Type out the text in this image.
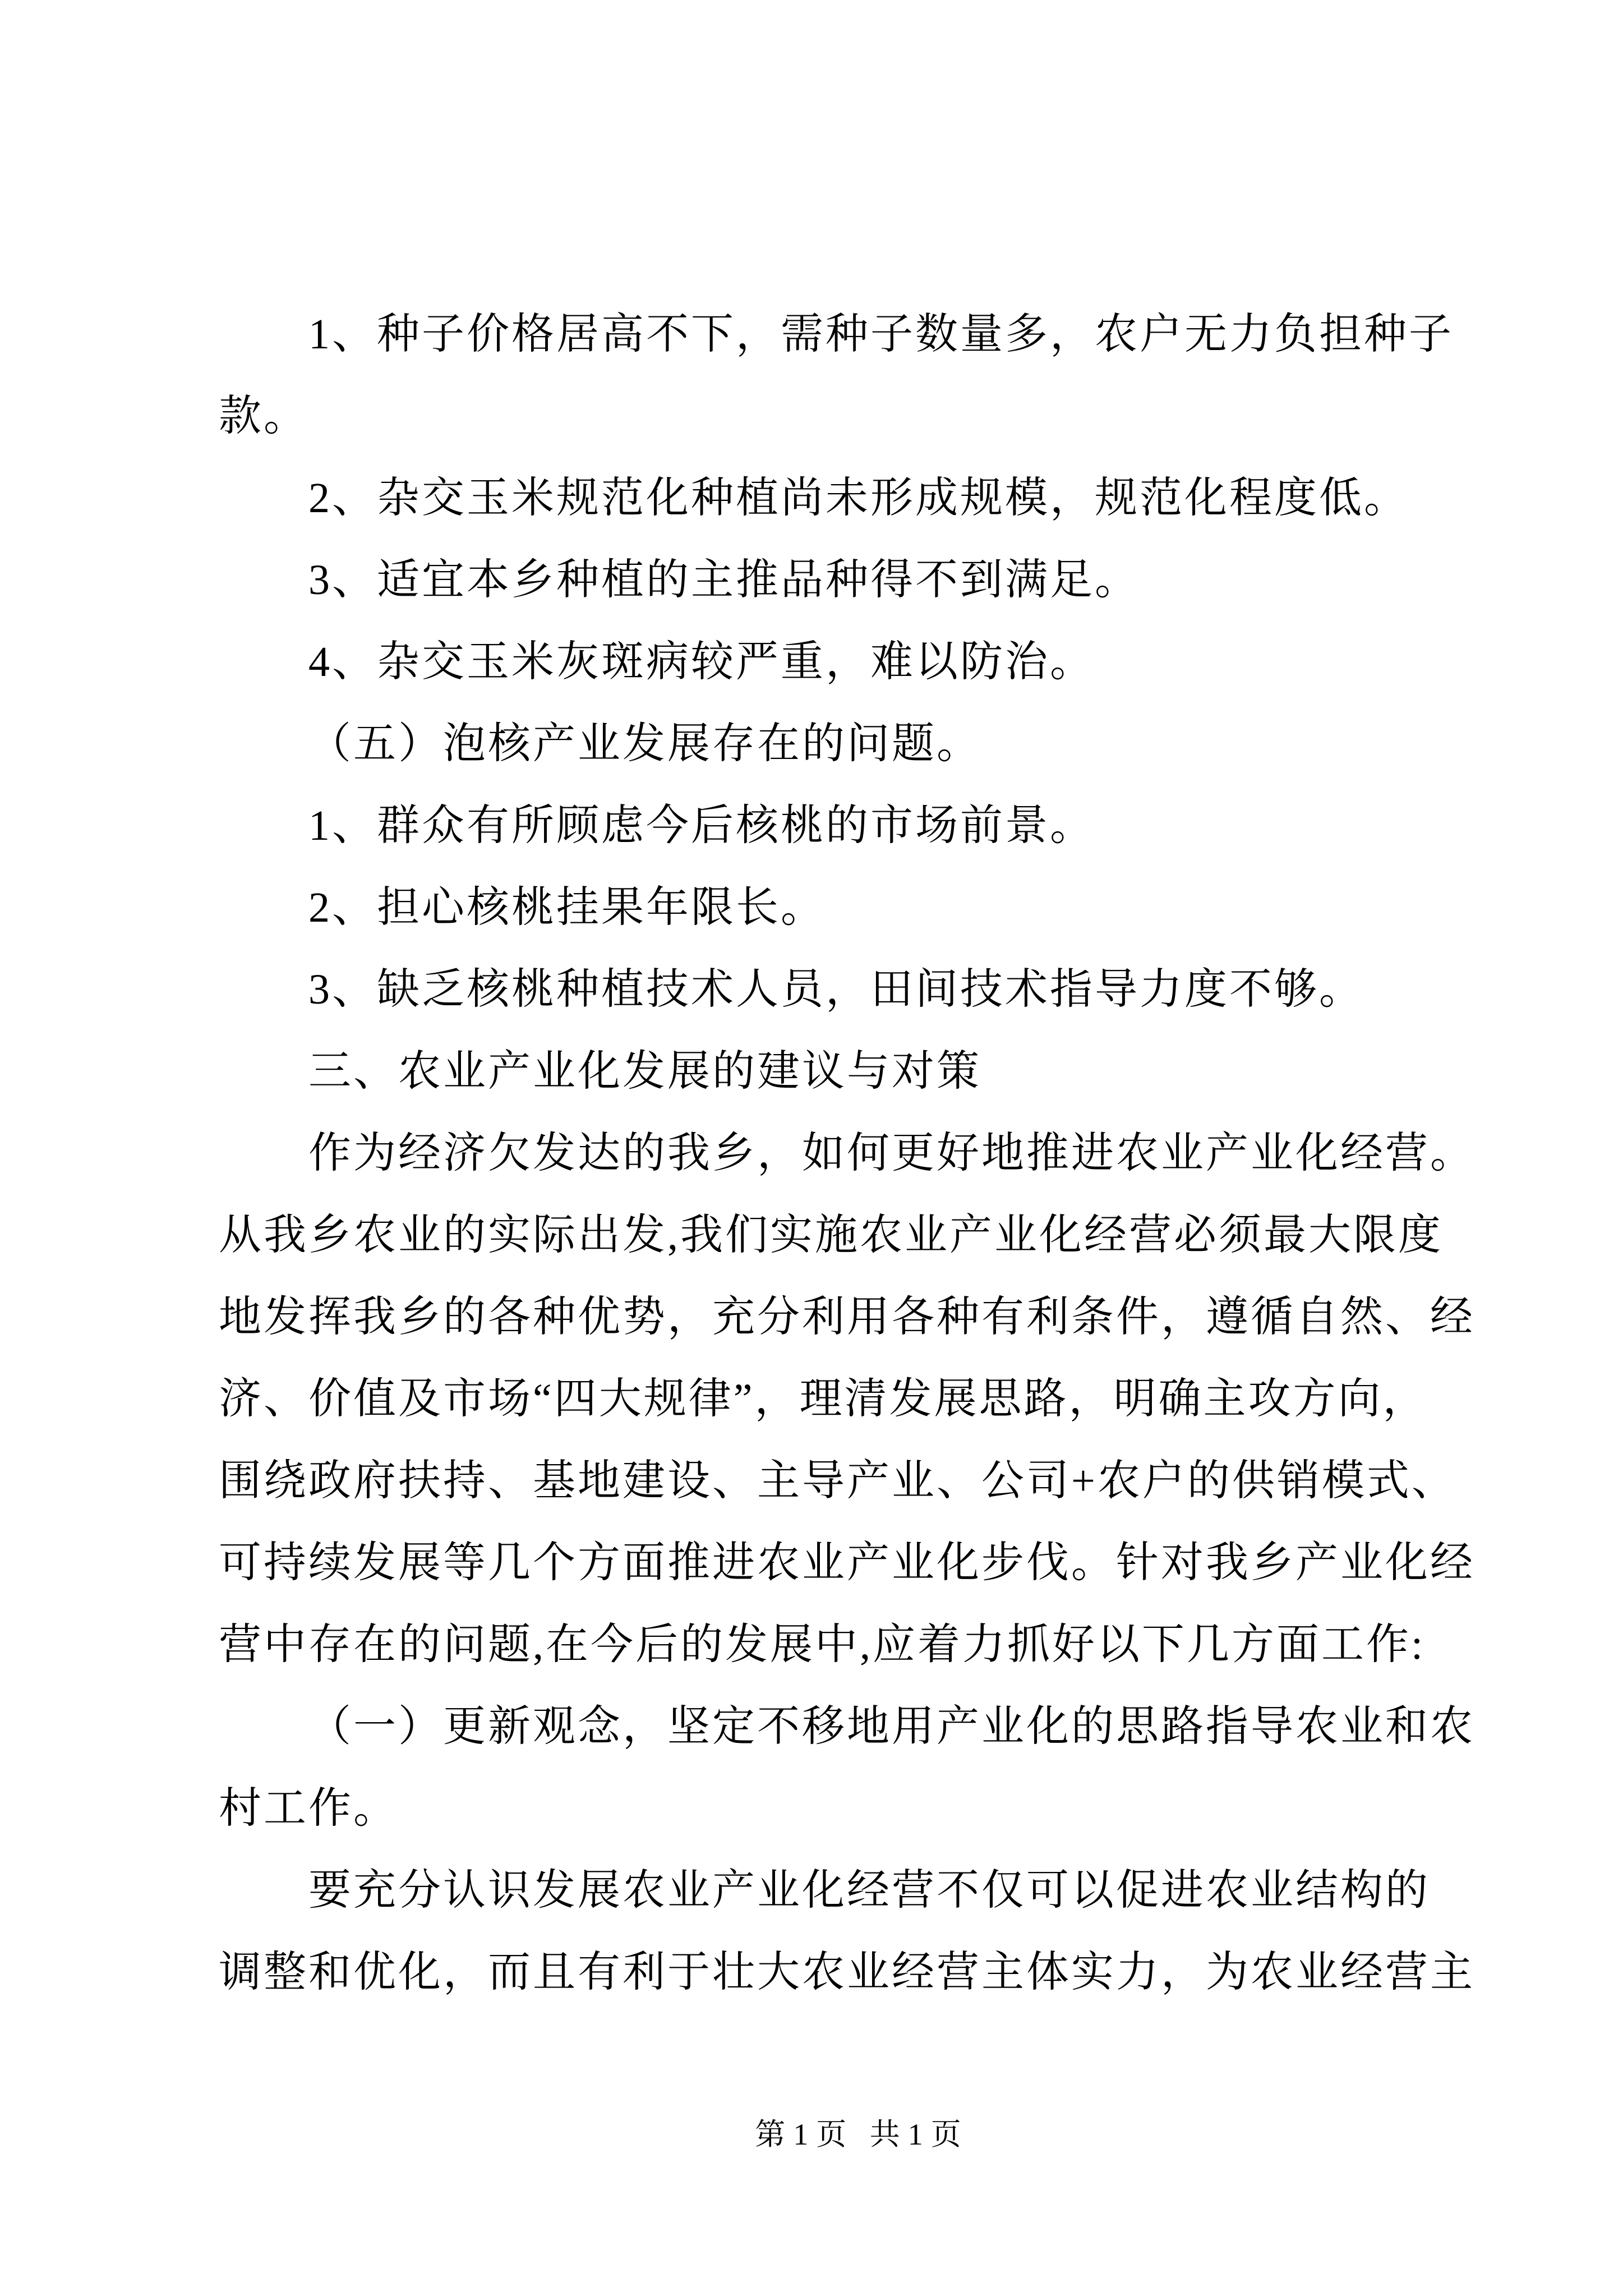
1、种子价格居高不下，需种子数量多，农户无力负担种子
款。
2、杂交玉米规范化种植尚未形成规模，规范化程度低。
3、适宜本乡种植的主推品种得不到满足。
4、杂交玉米灰斑病较严重，难以防治。
（五）泡核产业发展存在的问题。
1、群众有所顾虑今后核桃的市场前景。
2、担心核桃挂果年限长。
3、缺乏核桃种植技术人员，田间技术指导力度不够。
三、农业产业化发展的建议与对策
作为经济欠发达的我乡，如何更好地推进农业产业化经营。
从我乡农业的实际出发,我们实施农业产业化经营必须最大限度
地发挥我乡的各种优势，充分利用各种有利条件，遵循自然、经
济、价值及市场“四大规律”，理清发展思路，明确主攻方向，
围绕政府扶持、基地建设、主导产业、公司+农户的供销模式、
可持续发展等几个方面推进农业产业化步伐。针对我乡产业化经
营中存在的问题,在今后的发展中,应着力抓好以下几方面工作:
（一）更新观念，坚定不移地用产业化的思路指导农业和农
村工作。
要充分认识发展农业产业化经营不仅可以促进农业结构的
调整和优化，而且有利于壮大农业经营主体实力，为农业经营主
第1页 共1页
